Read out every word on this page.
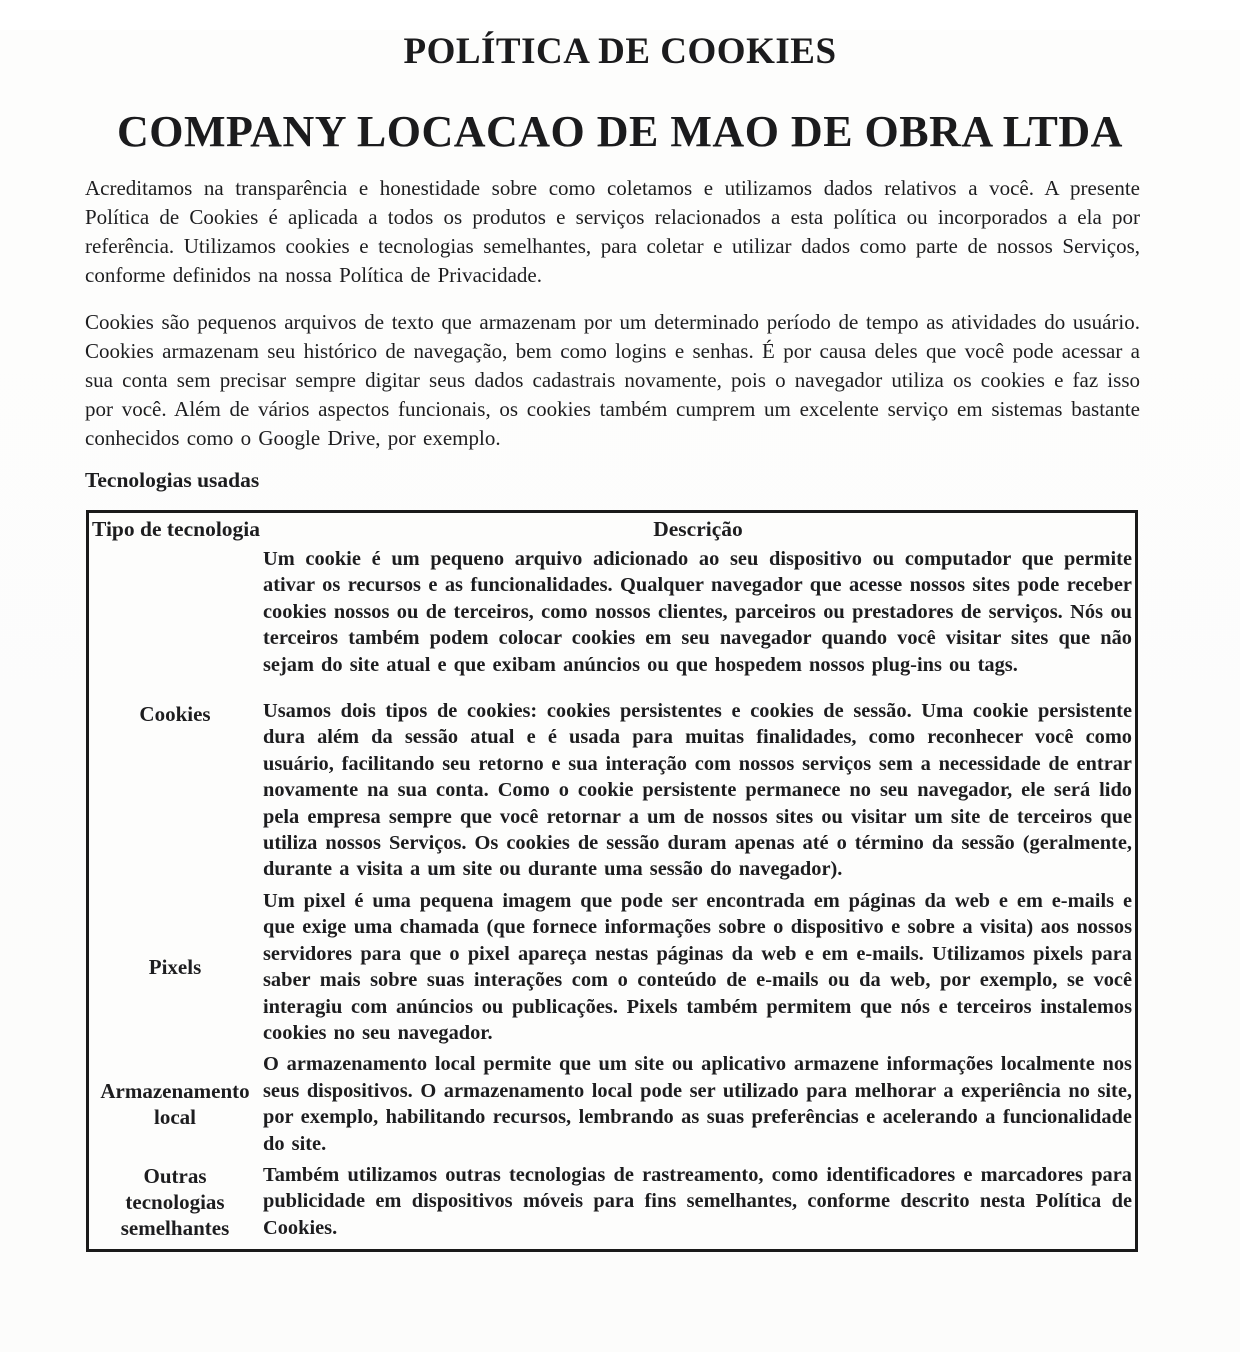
POLÍTICA DE COOKIES
COMPANY LOCACAO DE MAO DE OBRA LTDA

Acreditamos na transparência e honestidade sobre como coletamos e utilizamos dados relativos a você. A presente Política de Cookies é aplicada a todos os produtos e serviços relacionados a esta política ou incorporados a ela por referência. Utilizamos cookies e tecnologias semelhantes, para coletar e utilizar dados como parte de nossos Serviços, conforme definidos na nossa Política de Privacidade.

Cookies são pequenos arquivos de texto que armazenam por um determinado período de tempo as atividades do usuário. Cookies armazenam seu histórico de navegação, bem como logins e senhas. É por causa deles que você pode acessar a sua conta sem precisar sempre digitar seus dados cadastrais novamente, pois o navegador utiliza os cookies e faz isso por você. Além de vários aspectos funcionais, os cookies também cumprem um excelente serviço em sistemas bastante conhecidos como o Google Drive, por exemplo.

Tecnologias usadas
Tipo de tecnologia	Descrição
Cookies

Um cookie é um pequeno arquivo adicionado ao seu dispositivo ou computador que permite ativar os recursos e as funcionalidades. Qualquer navegador que acesse nossos sites pode receber cookies nossos ou de terceiros, como nossos clientes, parceiros ou prestadores de serviços. Nós ou terceiros também podem colocar cookies em seu navegador quando você visitar sites que não sejam do site atual e que exibam anúncios ou que hospedem nossos plug-ins ou tags.

Usamos dois tipos de cookies: cookies persistentes e cookies de sessão. Uma cookie persistente dura além da sessão atual e é usada para muitas finalidades, como reconhecer você como usuário, facilitando seu retorno e sua interação com nossos serviços sem a necessidade de entrar novamente na sua conta. Como o cookie persistente permanece no seu navegador, ele será lido pela empresa sempre que você retornar a um de nossos sites ou visitar um site de terceiros que utiliza nossos Serviços. Os cookies de sessão duram apenas até o término da sessão (geralmente, durante a visita a um site ou durante uma sessão do navegador).

Pixels

Um pixel é uma pequena imagem que pode ser encontrada em páginas da web e em e-mails e que exige uma chamada (que fornece informações sobre o dispositivo e sobre a visita) aos nossos servidores para que o pixel apareça nestas páginas da web e em e-mails. Utilizamos pixels para saber mais sobre suas interações com o conteúdo de e-mails ou da web, por exemplo, se você interagiu com anúncios ou publicações. Pixels também permitem que nós e terceiros instalemos cookies no seu navegador.

Armazenamento local

O armazenamento local permite que um site ou aplicativo armazene informações localmente nos seus dispositivos. O armazenamento local pode ser utilizado para melhorar a experiência no site, por exemplo, habilitando recursos, lembrando as suas preferências e acelerando a funcionalidade do site.

Outras tecnologias semelhantes

Também utilizamos outras tecnologias de rastreamento, como identificadores e marcadores para publicidade em dispositivos móveis para fins semelhantes, conforme descrito nesta Política de Cookies.
